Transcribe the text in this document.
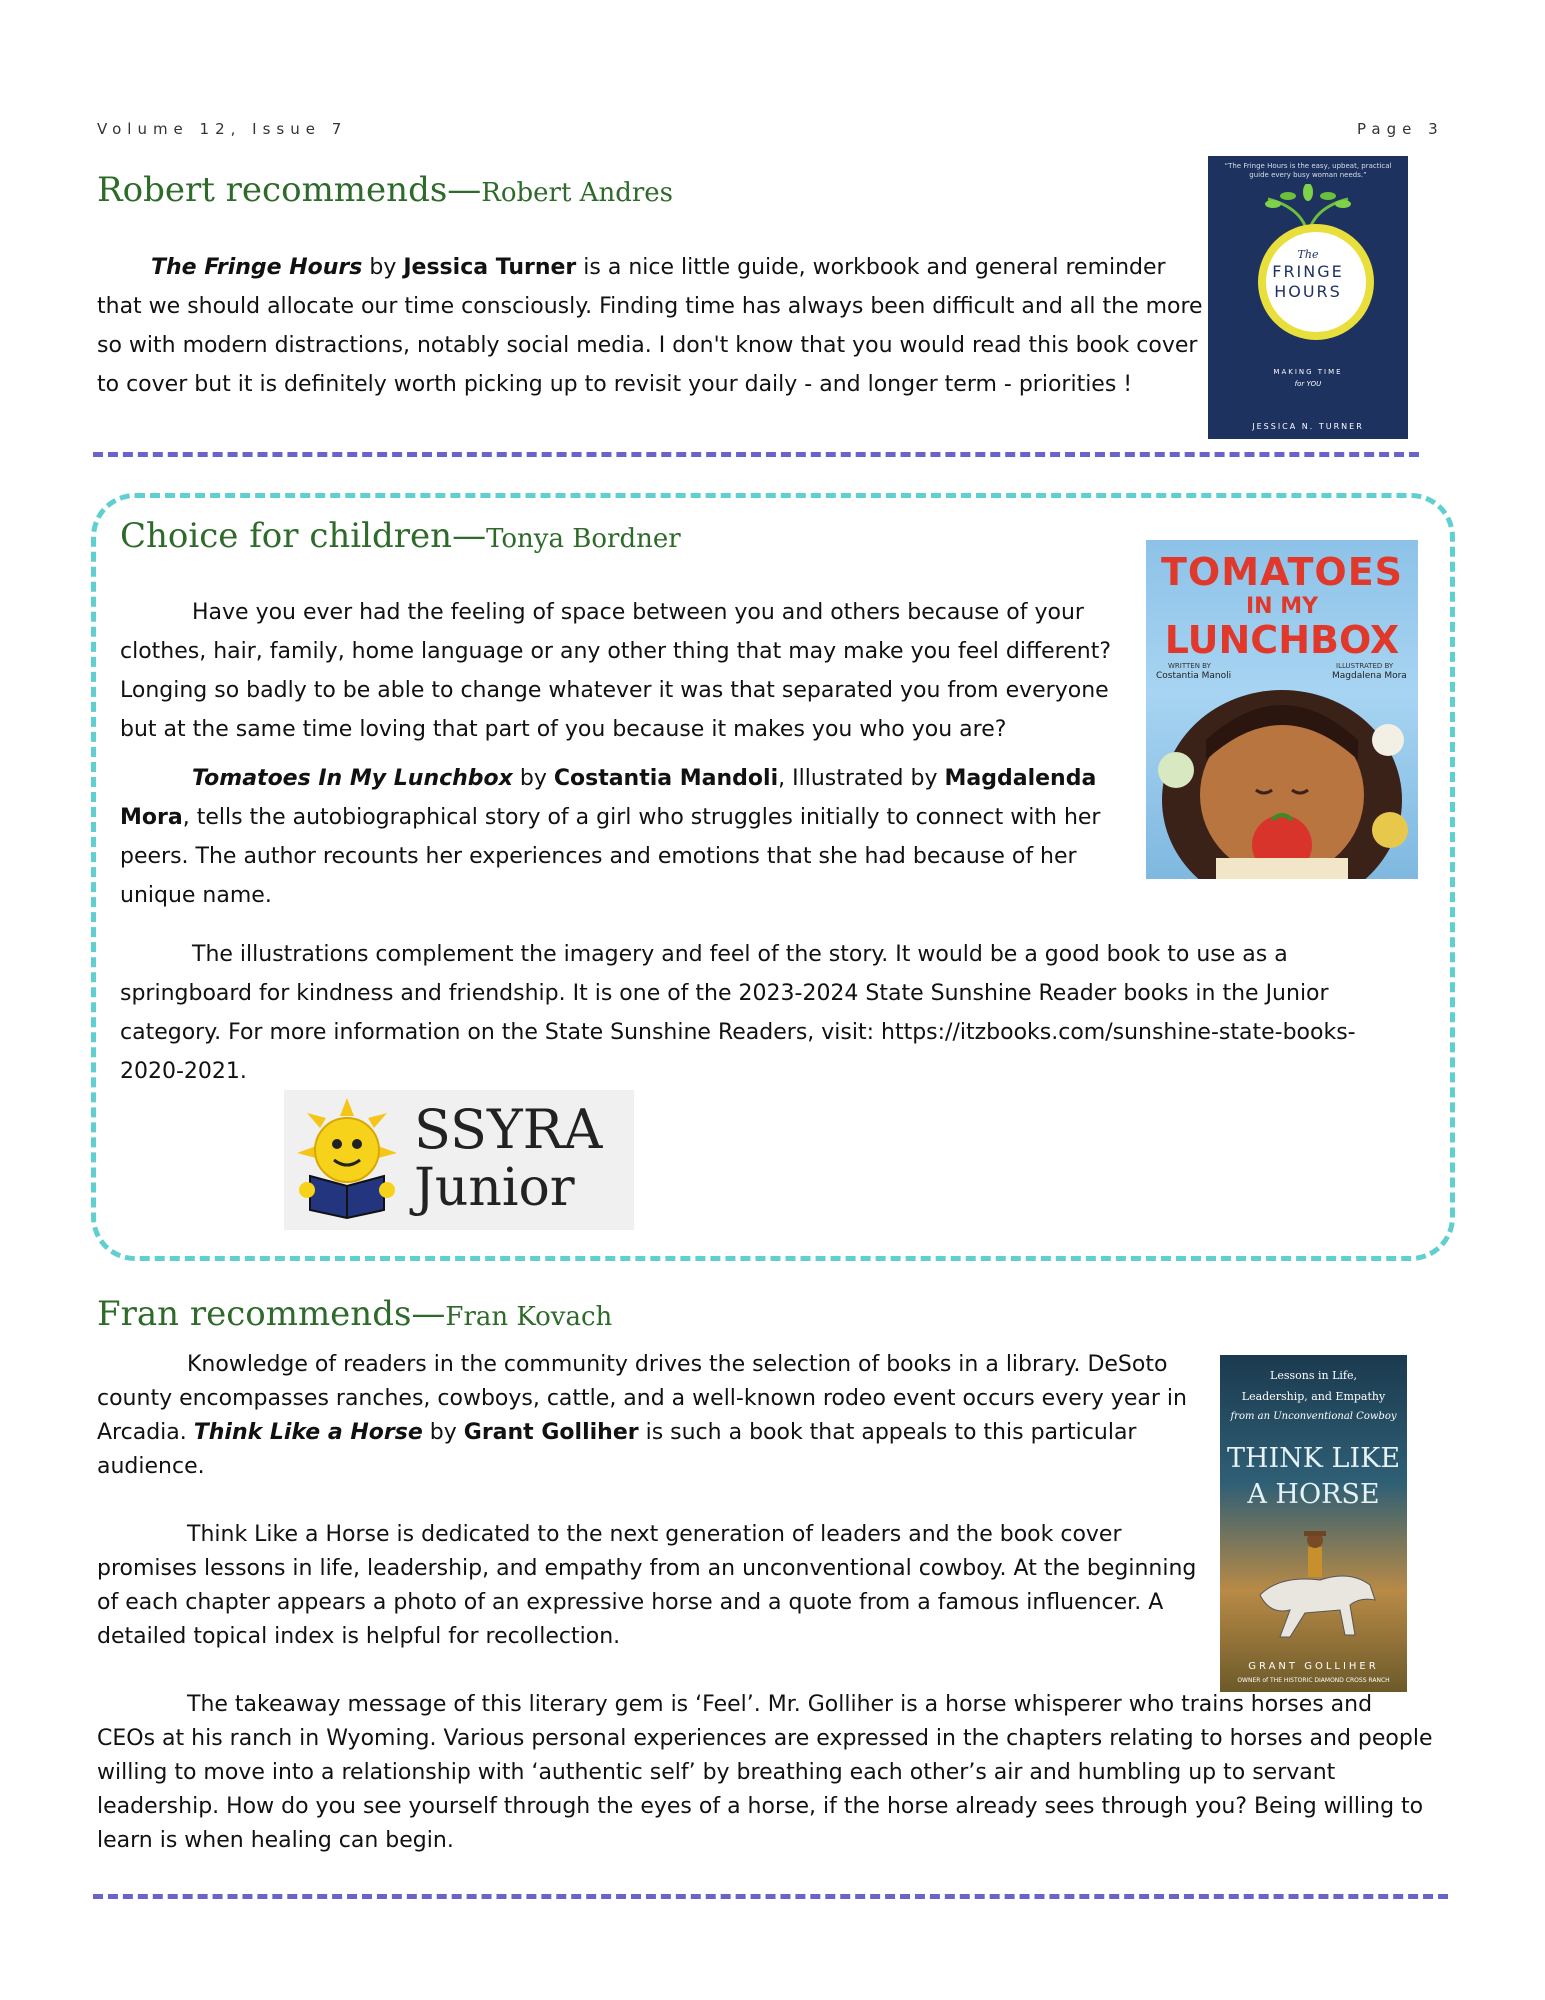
Volume 12, Issue 7	Page 3
Robert recommends—Robert Andres

The Fringe Hours by Jessica Turner is a nice little guide, workbook and general reminder that we should allocate our time consciously. Finding time has always been difficult and all the more so with modern distractions, notably social media. I don't know that you would read this book cover to cover but it is definitely worth picking up to revisit your daily - and longer term - priorities !

“The Fringe Hours is the easy, upbeat, practical guide every busy woman needs.”
The
FRINGE
HOURS
MAKING TIME
for YOU
JESSICA N. TURNER
Choice for children—Tonya Bordner

Have you ever had the feeling of space between you and others because of your clothes, hair, family, home language or any other thing that may make you feel different? Longing so badly to be able to change whatever it was that separated you from everyone but at the same time loving that part of you because it makes you who you are?

Tomatoes In My Lunchbox by Costantia Mandoli, Illustrated by Magdalenda Mora, tells the autobiographical story of a girl who struggles initially to connect with her peers. The author recounts her experiences and emotions that she had because of her unique name.

The illustrations complement the imagery and feel of the story. It would be a good book to use as a springboard for kindness and friendship. It is one of the 2023-2024 State Sunshine Reader books in the Junior category. For more information on the State Sunshine Readers, visit: https://itzbooks.com/sunshine-state-books-2020-2021.

TOMATOES
IN MY
LUNCHBOX
WRITTEN BY
Costantia Manoli
ILLUSTRATED BY
Magdalena Mora
SSYRA
Junior
Fran recommends—Fran Kovach

Knowledge of readers in the community drives the selection of books in a library. DeSoto county encompasses ranches, cowboys, cattle, and a well-known rodeo event occurs every year in Arcadia. Think Like a Horse by Grant Golliher is such a book that appeals to this particular audience.

Think Like a Horse is dedicated to the next generation of leaders and the book cover promises lessons in life, leadership, and empathy from an unconventional cowboy. At the beginning of each chapter appears a photo of an expressive horse and a quote from a famous influencer. A detailed topical index is helpful for recollection.

The takeaway message of this literary gem is ‘Feel’. Mr. Golliher is a horse whisperer who trains horses and CEOs at his ranch in Wyoming. Various personal experiences are expressed in the chapters relating to horses and people willing to move into a relationship with ‘authentic self’ by breathing each other’s air and humbling up to servant leadership. How do you see yourself through the eyes of a horse, if the horse already sees through you? Being willing to learn is when healing can begin.

Lessons in Life,
Leadership, and Empathy
from an Unconventional Cowboy
THINK LIKE
A HORSE
GRANT GOLLIHER
OWNER of THE HISTORIC DIAMOND CROSS RANCH
